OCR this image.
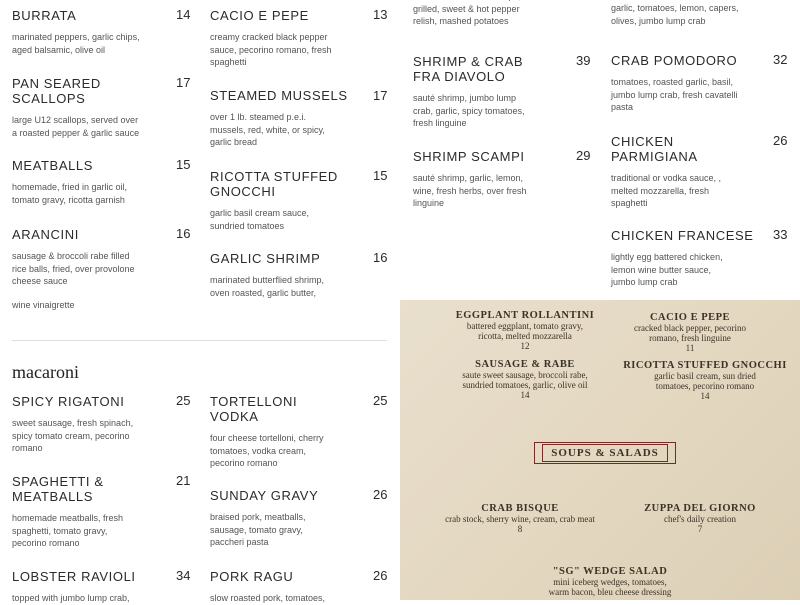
BURRATA
marinated peppers, garlic chips,
aged balsamic, olive oil
14
PAN SEARED
SCALLOPS
large U12 scallops, served over
a roasted pepper & garlic sauce
17
MEATBALLS
homemade, fried in garlic oil,
tomato gravy, ricotta garnish
15
ARANCINI
sausage & broccoli rabe filled
rice balls, fried, over provolone
cheese sauce
16
wine vinaigrette
CACIO E PEPE
creamy cracked black pepper
sauce, pecorino romano, fresh
spaghetti
13
STEAMED MUSSELS
over 1 lb. steamed p.e.i.
mussels, red, white, or spicy,
garlic bread
17
RICOTTA STUFFED
GNOCCHI
garlic basil cream sauce,
sundried tomatoes
15
GARLIC SHRIMP
marinated butterflied shrimp,
oven roasted, garlic butter,
16
macaroni
SPICY RIGATONI
sweet sausage, fresh spinach,
spicy tomato cream, pecorino
romano
25
SPAGHETTI &
MEATBALLS
homemade meatballs, fresh
spaghetti, tomato gravy,
pecorino romano
21
LOBSTER RAVIOLI
topped with jumbo lump crab,
34
TORTELLONI
VODKA
four cheese tortelloni, cherry
tomatoes, vodka cream,
pecorino romano
25
SUNDAY GRAVY
braised pork, meatballs,
sausage, tomato gravy,
paccheri pasta
26
PORK RAGU
slow roasted pork, tomatoes,
26

grilled, sweet & hot pepper
relish, mashed potatoes
garlic, tomatoes, lemon, capers,
olives, jumbo lump crab
SHRIMP & CRAB
FRA DIAVOLO
sauté shrimp, jumbo lump
crab, garlic, spicy tomatoes,
fresh linguine
39
SHRIMP SCAMPI
sauté shrimp, garlic, lemon,
wine, fresh herbs, over fresh
linguine
29
CRAB POMODORO
tomatoes, roasted garlic, basil,
jumbo lump crab, fresh cavatelli
pasta
32
CHICKEN
PARMIGIANA
traditional or vodka sauce, ,
melted mozzarella, fresh
spaghetti
26
CHICKEN FRANCESE
lightly egg battered chicken,
lemon wine butter sauce,
jumbo lump crab
33
EGGPLANT ROLLANTINI
battered eggplant, tomato gravy,
ricotta, melted mozzarella
12
CACIO E PEPE
cracked black pepper, pecorino
romano, fresh linguine
11
SAUSAGE & RABE
saute sweet sausage, broccoli rabe,
sundried tomatoes, garlic, olive oil
14
RICOTTA STUFFED GNOCCHI
garlic basil cream, sun dried
tomatoes, pecorino romano
14
SOUPS & SALADS
CRAB BISQUE
crab stock, sherry wine, cream, crab meat
8
ZUPPA DEL GIORNO
chef's daily creation
7
"SG" WEDGE SALAD
mini iceberg wedges, tomatoes,
warm bacon, bleu cheese dressing
